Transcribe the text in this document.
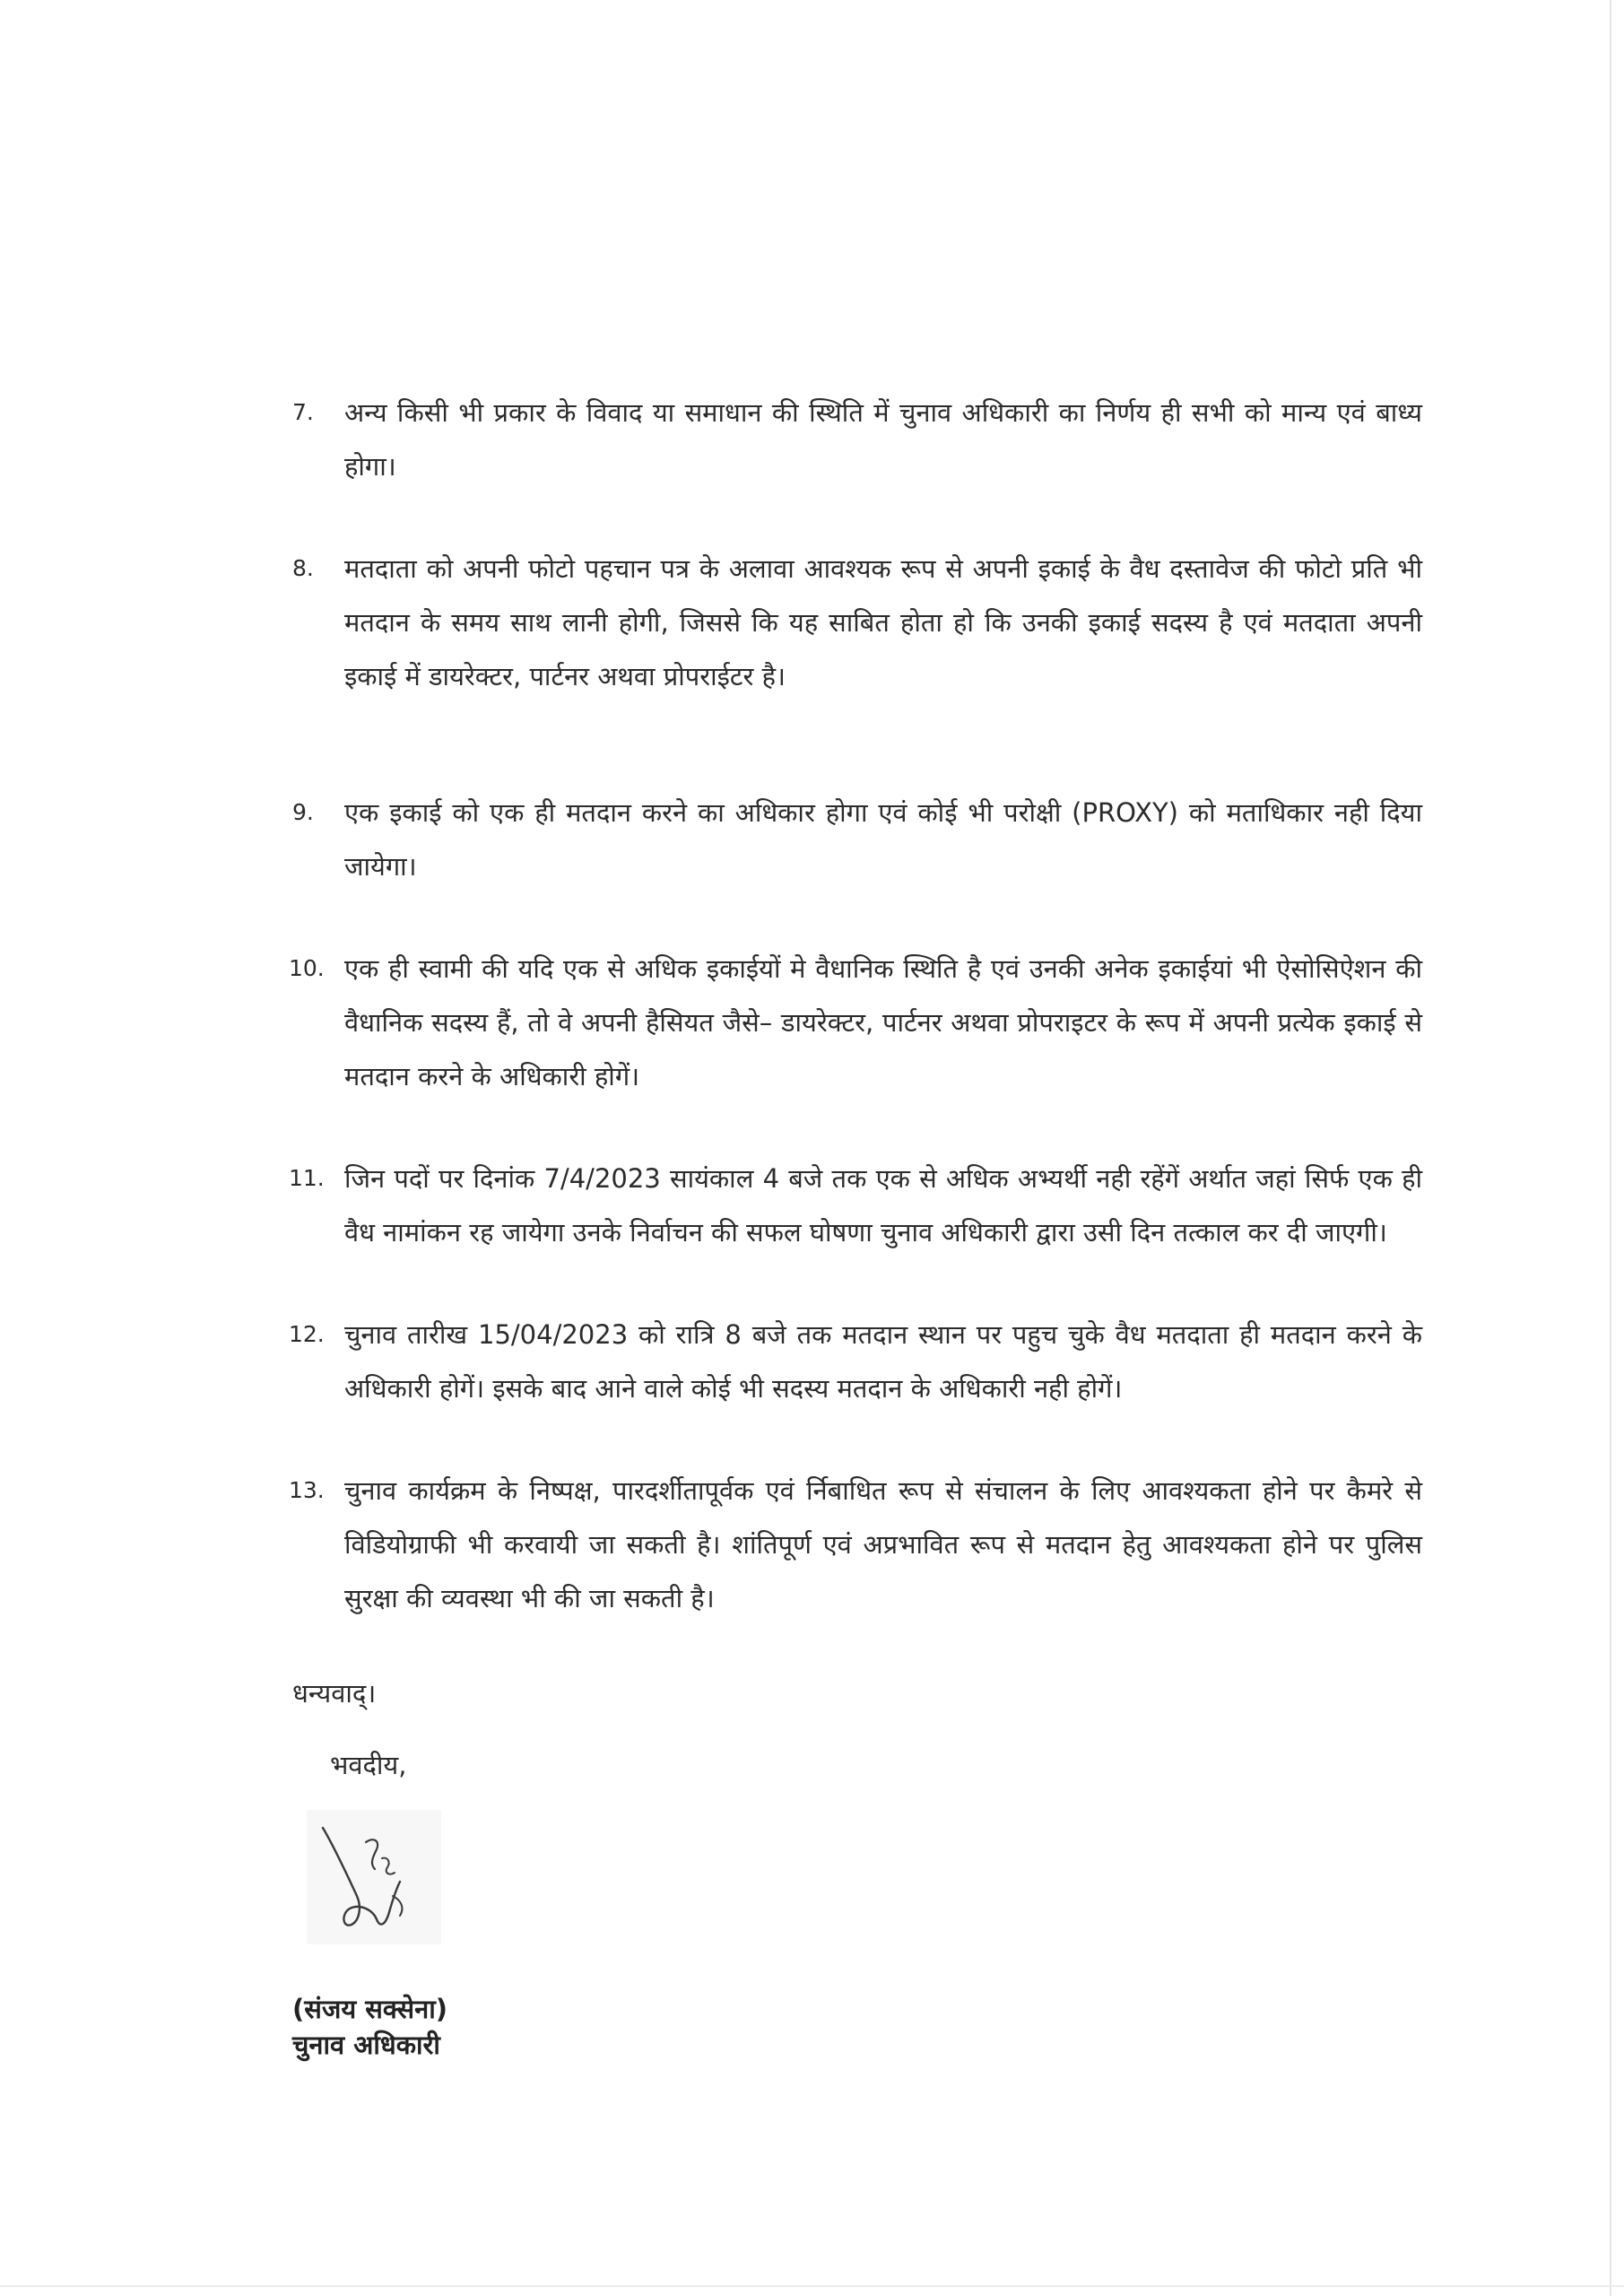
7. अन्य किसी भी प्रकार के विवाद या समाधान की स्थिति में चुनाव अधिकारी का निर्णय ही सभी को मान्य एवं बाध्य होगा।
8. मतदाता को अपनी फोटो पहचान पत्र के अलावा आवश्यक रूप से अपनी इकाई के वैध दस्तावेज की फोटो प्रति भी मतदान के समय साथ लानी होगी, जिससे कि यह साबित होता हो कि उनकी इकाई सदस्य है एवं मतदाता अपनी इकाई में डायरेक्टर, पार्टनर अथवा प्रोपराईटर है।
9. एक इकाई को एक ही मतदान करने का अधिकार होगा एवं कोई भी परोक्षी (PROXY) को मताधिकार नही दिया जायेगा।
10. एक ही स्वामी की यदि एक से अधिक इकाईयों मे वैधानिक स्थिति है एवं उनकी अनेक इकाईयां भी ऐसोसिऐशन की वैधानिक सदस्य हैं, तो वे अपनी हैसियत जैसे– डायरेक्टर, पार्टनर अथवा प्रोपराइटर के रूप में अपनी प्रत्येक इकाई से मतदान करने के अधिकारी होगें।
11. जिन पदों पर दिनांक 7/4/2023 सायंकाल 4 बजे तक एक से अधिक अभ्यर्थी नही रहेंगें अर्थात जहां सिर्फ एक ही वैध नामांकन रह जायेगा उनके निर्वाचन की सफल घोषणा चुनाव अधिकारी द्वारा उसी दिन तत्काल कर दी जाएगी।
12. चुनाव तारीख 15/04/2023 को रात्रि 8 बजे तक मतदान स्थान पर पहुच चुके वैध मतदाता ही मतदान करने के अधिकारी होगें। इसके बाद आने वाले कोई भी सदस्य मतदान के अधिकारी नही होगें।
13. चुनाव कार्यक्रम के निष्पक्ष, पारदर्शीतापूर्वक एवं र्निबाधित रूप से संचालन के लिए आवश्यकता होने पर कैमरे से विडियोग्राफी भी करवायी जा सकती है। शांतिपूर्ण एवं अप्रभावित रूप से मतदान हेतु आवश्यकता होने पर पुलिस सुरक्षा की व्यवस्था भी की जा सकती है।
धन्यवाद्।
भवदीय,
(संजय सक्सेना)
चुनाव अधिकारी
